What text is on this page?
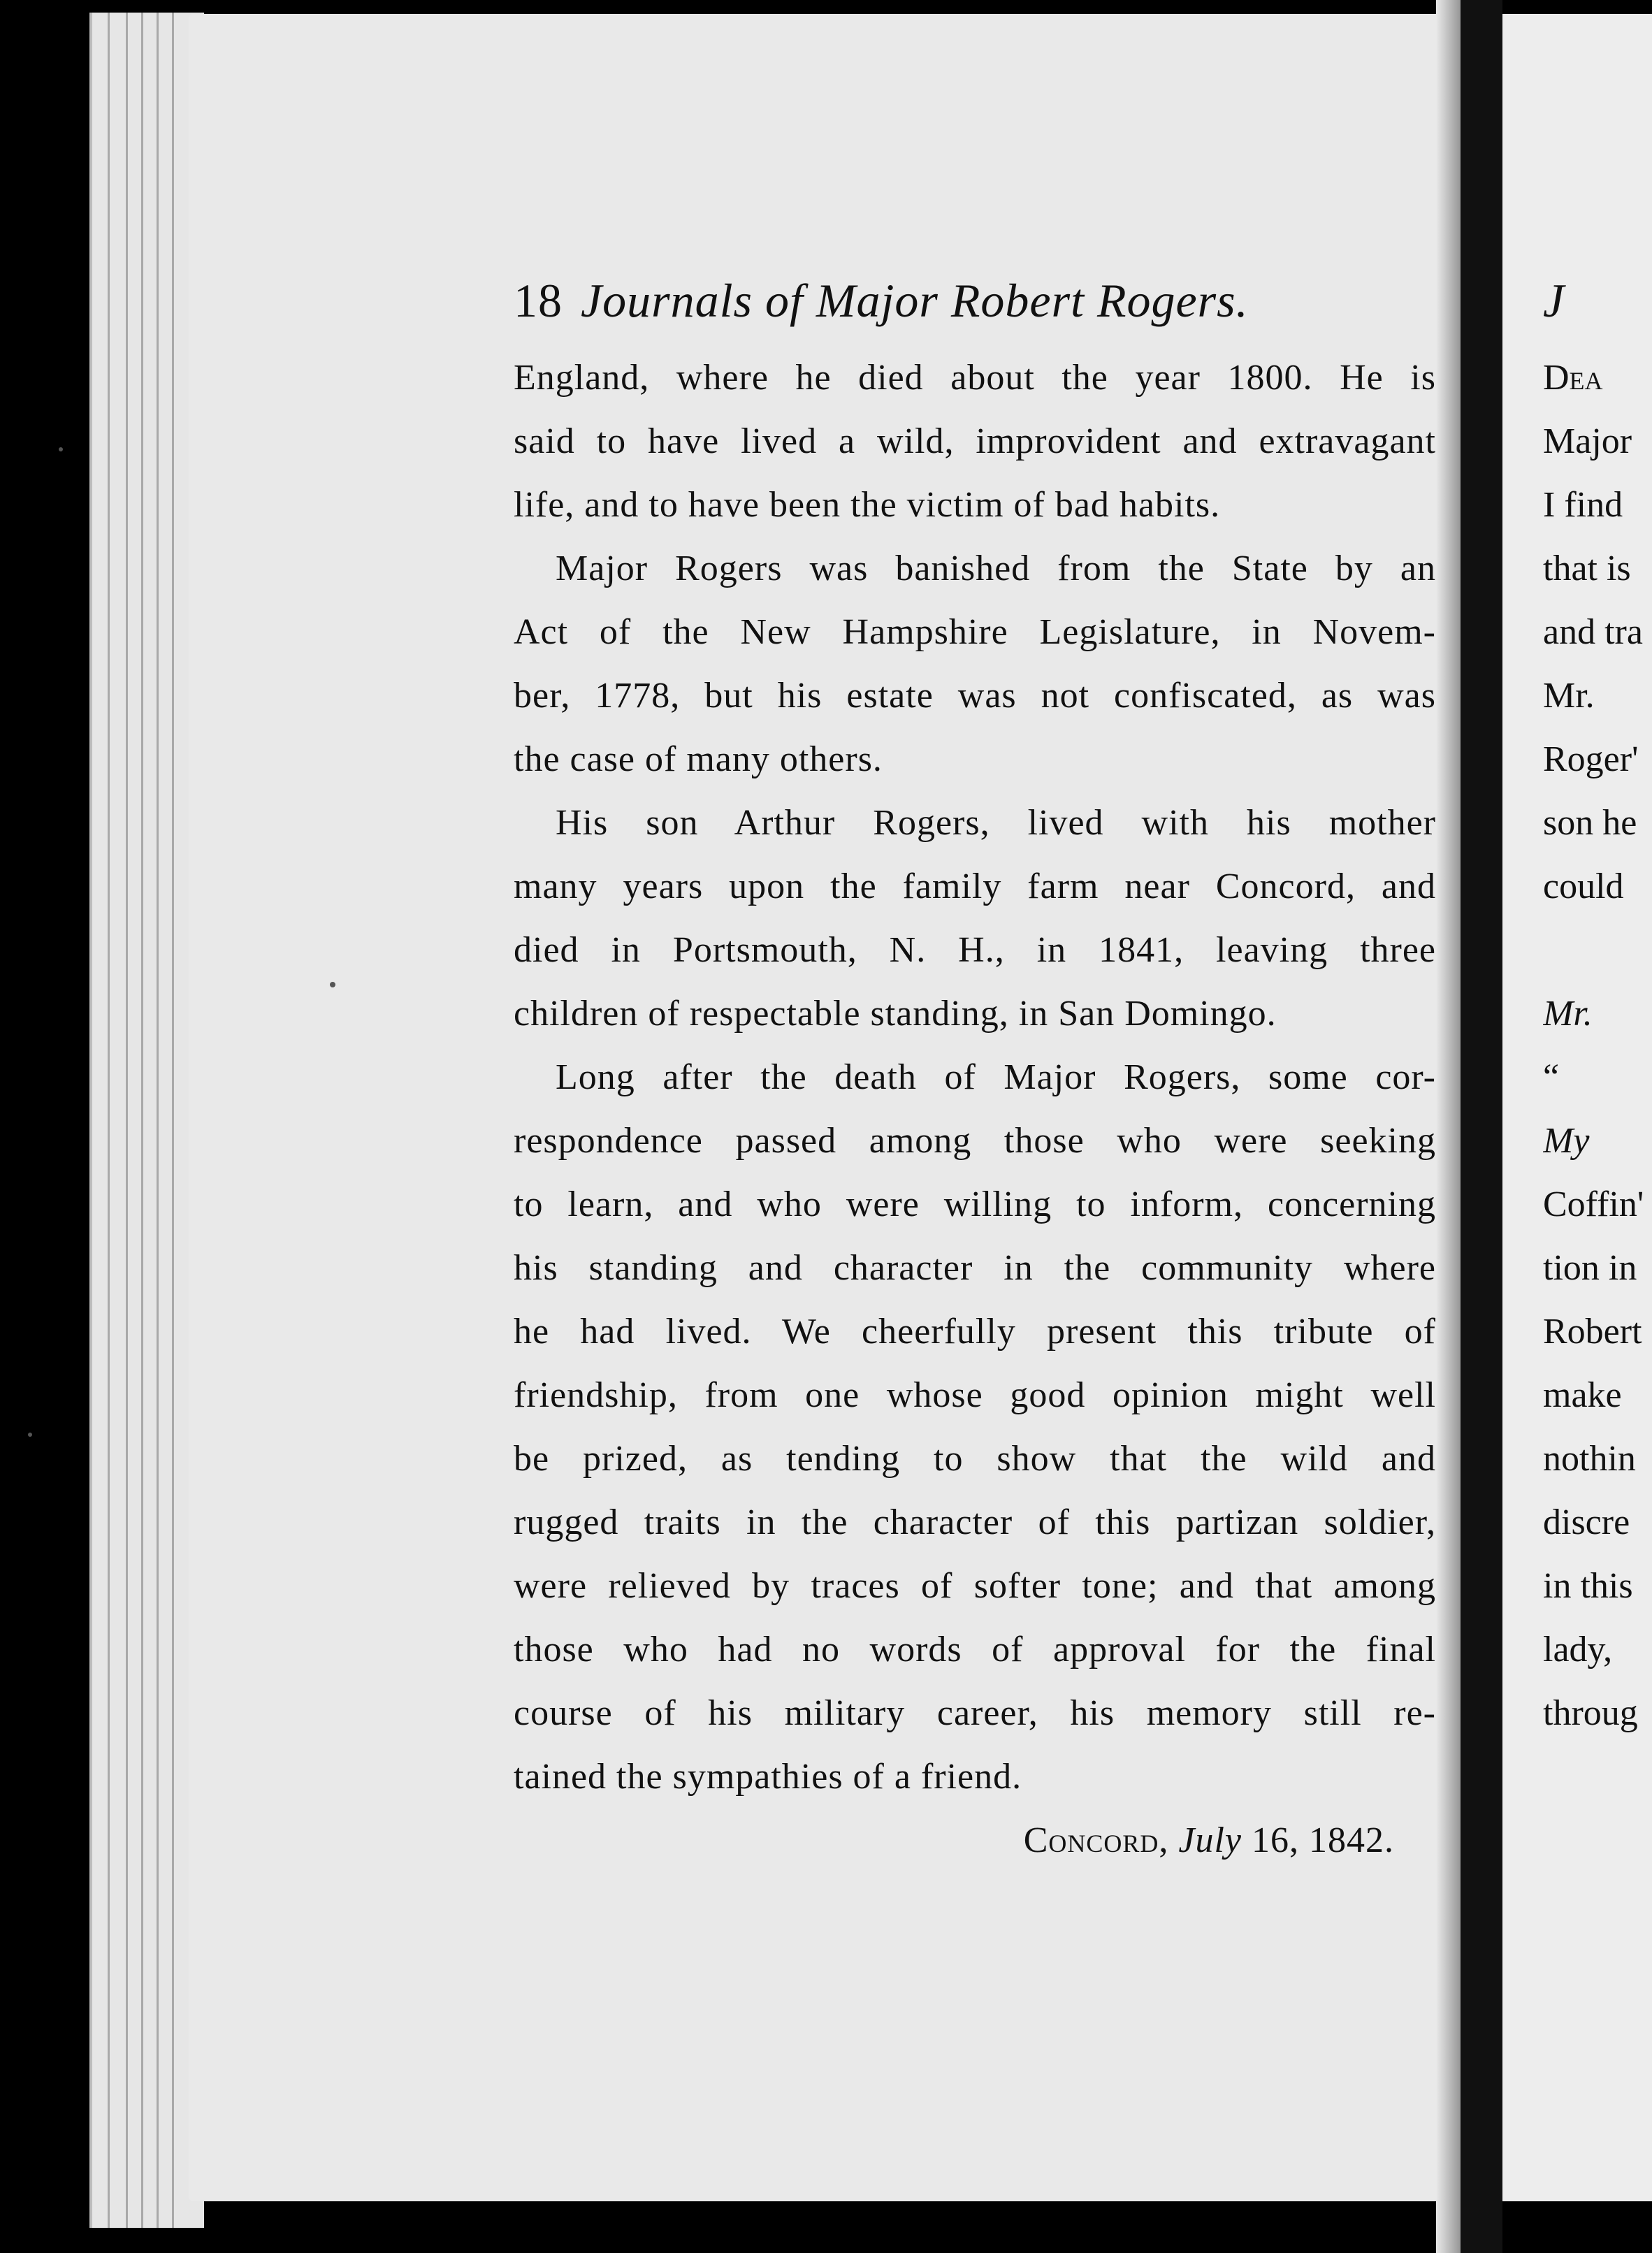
18 Journals of Major Robert Rogers.
England, where he died about the year 1800. He is
said to have lived a wild, improvident and extravagant
life, and to have been the victim of bad habits.
Major Rogers was banished from the State by an
Act of the New Hampshire Legislature, in Novem-
ber, 1778, but his estate was not confiscated, as was
the case of many others.
His son Arthur Rogers, lived with his mother
many years upon the family farm near Concord, and
died in Portsmouth, N. H., in 1841, leaving three
children of respectable standing, in San Domingo.
Long after the death of Major Rogers, some cor-
respondence passed among those who were seeking
to learn, and who were willing to inform, concerning
his standing and character in the community where
he had lived. We cheerfully present this tribute of
friendship, from one whose good opinion might well
be prized, as tending to show that the wild and
rugged traits in the character of this partizan soldier,
were relieved by traces of softer tone; and that among
those who had no words of approval for the final
course of his military career, his memory still re-
tained the sympathies of a friend.
Concord, July 16, 1842.
J
Dea
Major
I find
that is
and tra
Mr.
Roger'
son he
could
Mr.
“
My
Coffin'
tion in
Robert
make
nothin
discre
in this
lady,
throug
